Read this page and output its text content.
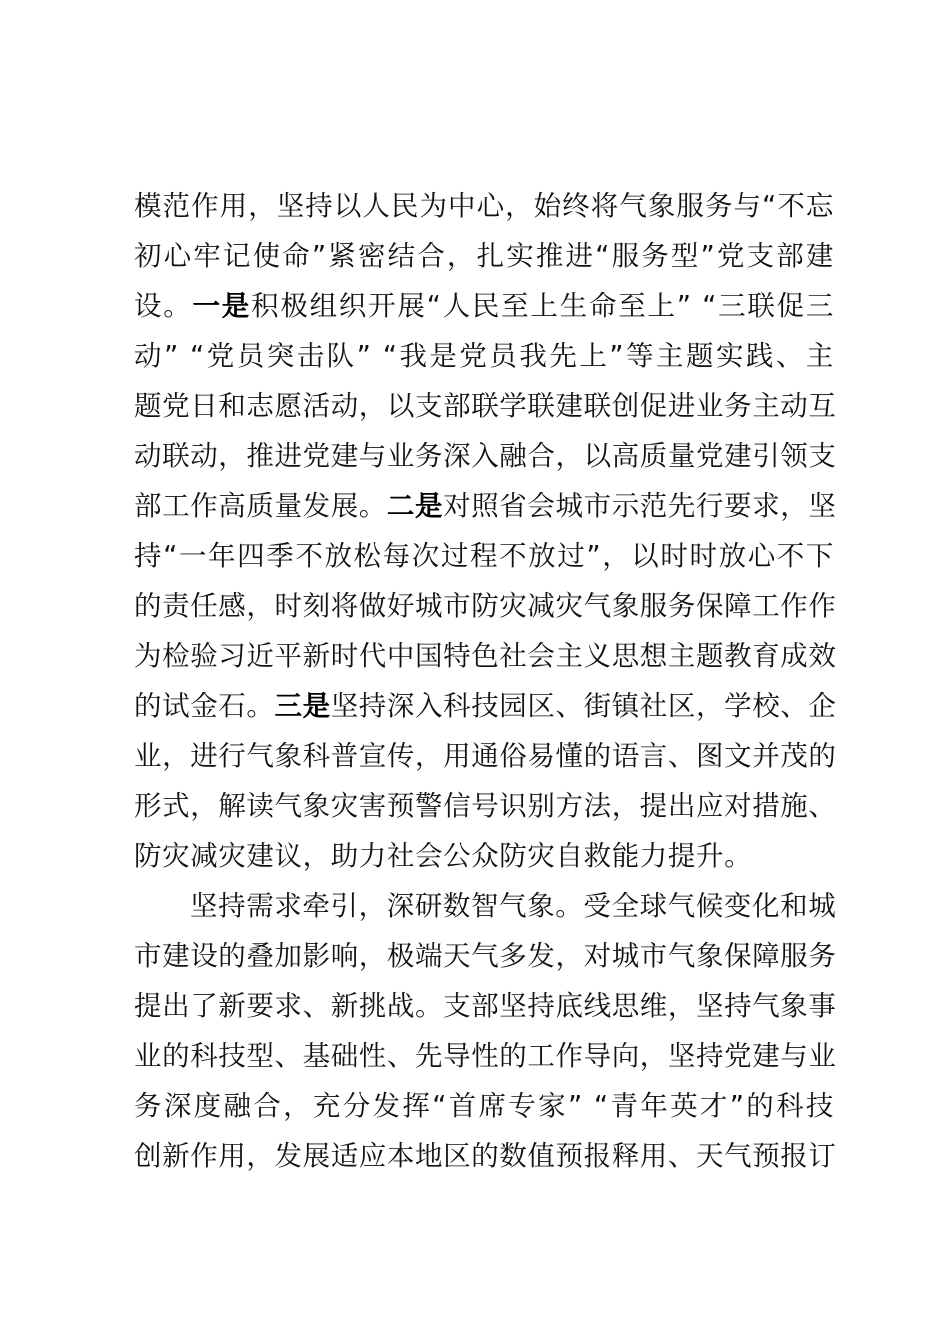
模范作用，坚持以人民为中心，始终将气象服务与“不忘
初心牢记使命”紧密结合，扎实推进“服务型”党支部建
设。一是积极组织开展“人民至上生命至上” “三联促三
动” “党员突击队” “我是党员我先上”等主题实践、主
题党日和志愿活动，以支部联学联建联创促进业务主动互
动联动，推进党建与业务深入融合，以高质量党建引领支
部工作高质量发展。二是对照省会城市示范先行要求，坚
持“一年四季不放松每次过程不放过”，以时时放心不下
的责任感，时刻将做好城市防灾减灾气象服务保障工作作
为检验习近平新时代中国特色社会主义思想主题教育成效
的试金石。三是坚持深入科技园区、街镇社区，学校、企
业，进行气象科普宣传，用通俗易懂的语言、图文并茂的
形式，解读气象灾害预警信号识别方法，提出应对措施、
防灾减灾建议，助力社会公众防灾自救能力提升。
坚持需求牵引，深研数智气象。受全球气候变化和城
市建设的叠加影响，极端天气多发，对城市气象保障服务
提出了新要求、新挑战。支部坚持底线思维，坚持气象事
业的科技型、基础性、先导性的工作导向，坚持党建与业
务深度融合，充分发挥“首席专家” “青年英才”的科技
创新作用，发展适应本地区的数值预报释用、天气预报订
